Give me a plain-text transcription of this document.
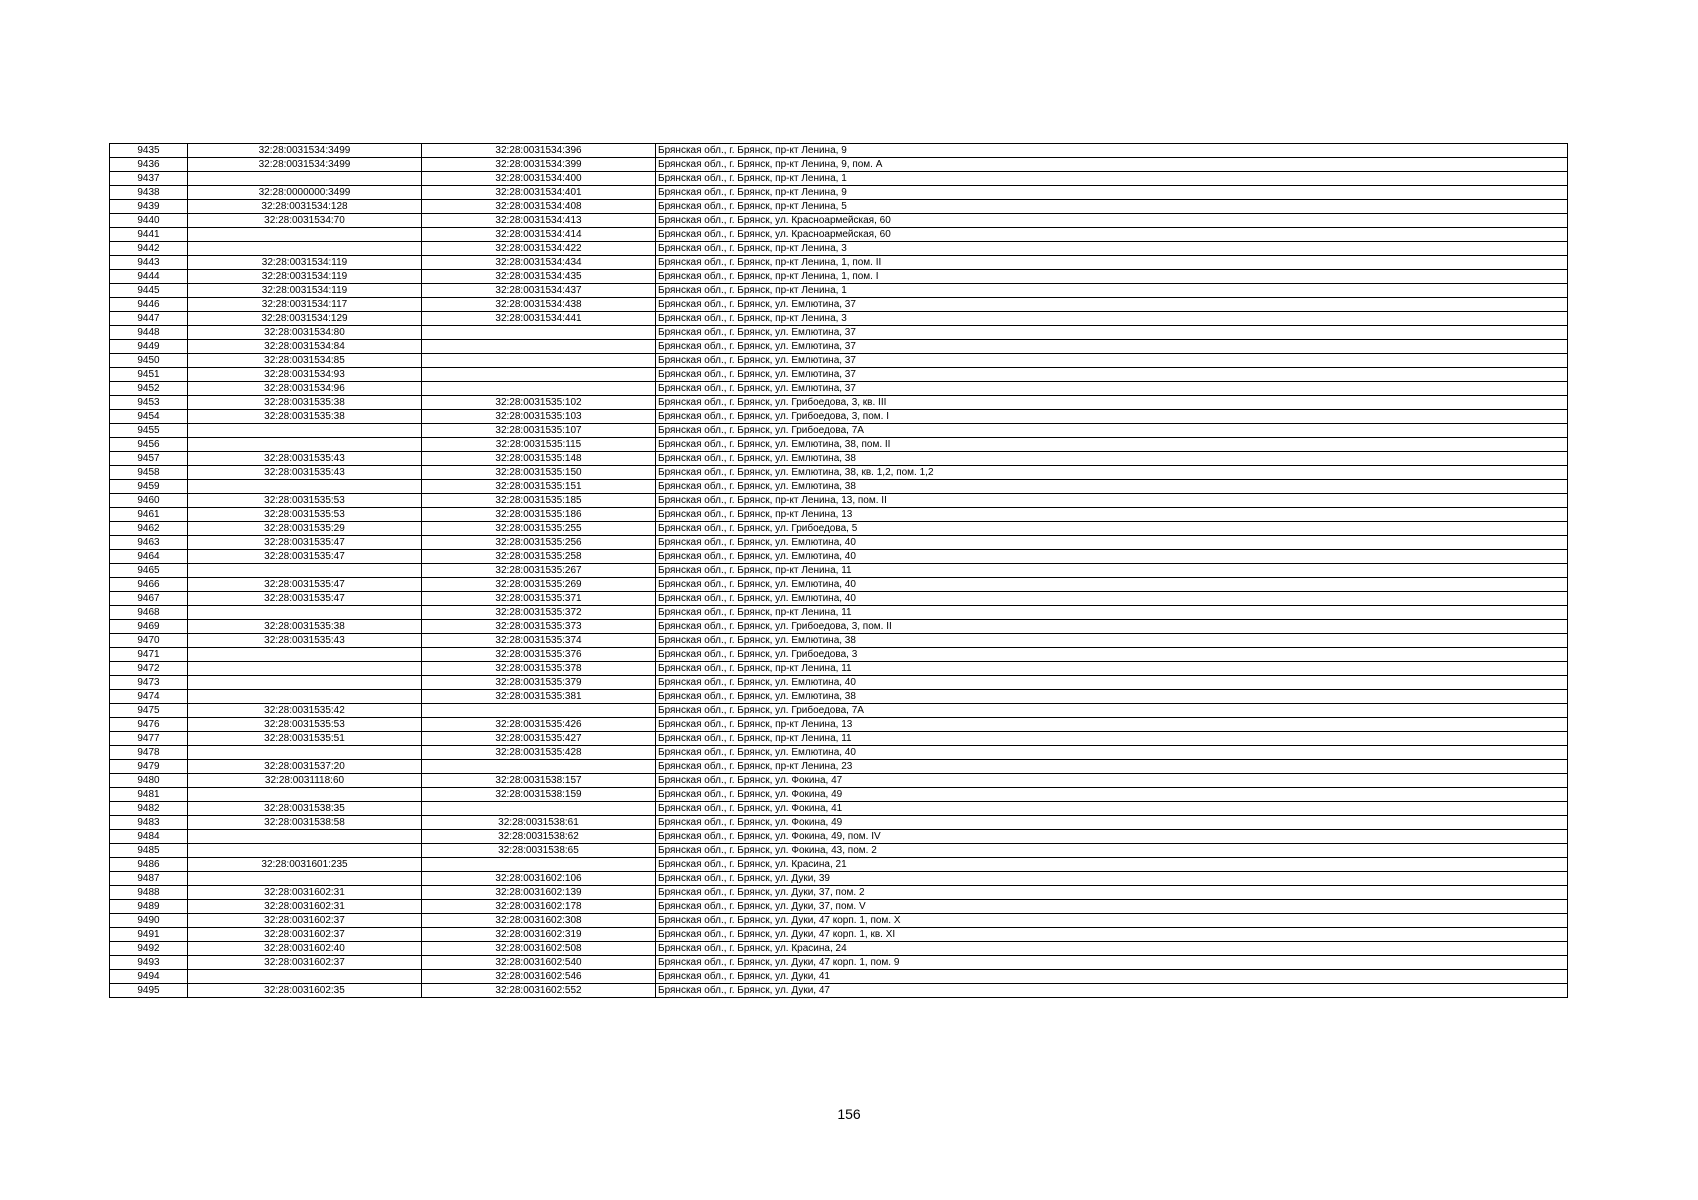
9435	32:28:0031534:3499	32:28:0031534:396	Брянская обл., г. Брянск, пр-кт Ленина, 9
9436	32:28:0031534:3499	32:28:0031534:399	Брянская обл., г. Брянск, пр-кт Ленина, 9, пом. А
9437		32:28:0031534:400	Брянская обл., г. Брянск, пр-кт Ленина, 1
9438	32:28:0000000:3499	32:28:0031534:401	Брянская обл., г. Брянск, пр-кт Ленина, 9
9439	32:28:0031534:128	32:28:0031534:408	Брянская обл., г. Брянск, пр-кт Ленина, 5
9440	32:28:0031534:70	32:28:0031534:413	Брянская обл., г. Брянск, ул. Красноармейская, 60
9441		32:28:0031534:414	Брянская обл., г. Брянск, ул. Красноармейская, 60
9442		32:28:0031534:422	Брянская обл., г. Брянск, пр-кт Ленина, 3
9443	32:28:0031534:119	32:28:0031534:434	Брянская обл., г. Брянск, пр-кт Ленина, 1, пом. II
9444	32:28:0031534:119	32:28:0031534:435	Брянская обл., г. Брянск, пр-кт Ленина, 1, пом. I
9445	32:28:0031534:119	32:28:0031534:437	Брянская обл., г. Брянск, пр-кт Ленина, 1
9446	32:28:0031534:117	32:28:0031534:438	Брянская обл., г. Брянск, ул. Емлютина, 37
9447	32:28:0031534:129	32:28:0031534:441	Брянская обл., г. Брянск, пр-кт Ленина, 3
9448	32:28:0031534:80		Брянская обл., г. Брянск, ул. Емлютина, 37
9449	32:28:0031534:84		Брянская обл., г. Брянск, ул. Емлютина, 37
9450	32:28:0031534:85		Брянская обл., г. Брянск, ул. Емлютина, 37
9451	32:28:0031534:93		Брянская обл., г. Брянск, ул. Емлютина, 37
9452	32:28:0031534:96		Брянская обл., г. Брянск, ул. Емлютина, 37
9453	32:28:0031535:38	32:28:0031535:102	Брянская обл., г. Брянск, ул. Грибоедова, 3, кв. III
9454	32:28:0031535:38	32:28:0031535:103	Брянская обл., г. Брянск, ул. Грибоедова, 3, пом. I
9455		32:28:0031535:107	Брянская обл., г. Брянск, ул. Грибоедова, 7А
9456		32:28:0031535:115	Брянская обл., г. Брянск, ул. Емлютина, 38, пом. II
9457	32:28:0031535:43	32:28:0031535:148	Брянская обл., г. Брянск, ул. Емлютина, 38
9458	32:28:0031535:43	32:28:0031535:150	Брянская обл., г. Брянск, ул. Емлютина, 38, кв. 1,2, пом. 1,2
9459		32:28:0031535:151	Брянская обл., г. Брянск, ул. Емлютина, 38
9460	32:28:0031535:53	32:28:0031535:185	Брянская обл., г. Брянск, пр-кт Ленина, 13, пом. II
9461	32:28:0031535:53	32:28:0031535:186	Брянская обл., г. Брянск, пр-кт Ленина, 13
9462	32:28:0031535:29	32:28:0031535:255	Брянская обл., г. Брянск, ул. Грибоедова, 5
9463	32:28:0031535:47	32:28:0031535:256	Брянская обл., г. Брянск, ул. Емлютина, 40
9464	32:28:0031535:47	32:28:0031535:258	Брянская обл., г. Брянск, ул. Емлютина, 40
9465		32:28:0031535:267	Брянская обл., г. Брянск, пр-кт Ленина, 11
9466	32:28:0031535:47	32:28:0031535:269	Брянская обл., г. Брянск, ул. Емлютина, 40
9467	32:28:0031535:47	32:28:0031535:371	Брянская обл., г. Брянск, ул. Емлютина, 40
9468		32:28:0031535:372	Брянская обл., г. Брянск, пр-кт Ленина, 11
9469	32:28:0031535:38	32:28:0031535:373	Брянская обл., г. Брянск, ул. Грибоедова, 3, пом. II
9470	32:28:0031535:43	32:28:0031535:374	Брянская обл., г. Брянск, ул. Емлютина, 38
9471		32:28:0031535:376	Брянская обл., г. Брянск, ул. Грибоедова, 3
9472		32:28:0031535:378	Брянская обл., г. Брянск, пр-кт Ленина, 11
9473		32:28:0031535:379	Брянская обл., г. Брянск, ул. Емлютина, 40
9474		32:28:0031535:381	Брянская обл., г. Брянск, ул. Емлютина, 38
9475	32:28:0031535:42		Брянская обл., г. Брянск, ул. Грибоедова, 7А
9476	32:28:0031535:53	32:28:0031535:426	Брянская обл., г. Брянск, пр-кт Ленина, 13
9477	32:28:0031535:51	32:28:0031535:427	Брянская обл., г. Брянск, пр-кт Ленина, 11
9478		32:28:0031535:428	Брянская обл., г. Брянск, ул. Емлютина, 40
9479	32:28:0031537:20		Брянская обл., г. Брянск, пр-кт Ленина, 23
9480	32:28:0031118:60	32:28:0031538:157	Брянская обл., г. Брянск, ул. Фокина, 47
9481		32:28:0031538:159	Брянская обл., г. Брянск, ул. Фокина, 49
9482	32:28:0031538:35		Брянская обл., г. Брянск, ул. Фокина, 41
9483	32:28:0031538:58	32:28:0031538:61	Брянская обл., г. Брянск, ул. Фокина, 49
9484		32:28:0031538:62	Брянская обл., г. Брянск, ул. Фокина, 49, пом. IV
9485		32:28:0031538:65	Брянская обл., г. Брянск, ул. Фокина, 43, пом. 2
9486	32:28:0031601:235		Брянская обл., г. Брянск, ул. Красина, 21
9487		32:28:0031602:106	Брянская обл., г. Брянск, ул. Дуки, 39
9488	32:28:0031602:31	32:28:0031602:139	Брянская обл., г. Брянск, ул. Дуки, 37, пом. 2
9489	32:28:0031602:31	32:28:0031602:178	Брянская обл., г. Брянск, ул. Дуки, 37, пом. V
9490	32:28:0031602:37	32:28:0031602:308	Брянская обл., г. Брянск, ул. Дуки, 47 корп. 1, пом. X
9491	32:28:0031602:37	32:28:0031602:319	Брянская обл., г. Брянск, ул. Дуки, 47 корп. 1, кв. XI
9492	32:28:0031602:40	32:28:0031602:508	Брянская обл., г. Брянск, ул. Красина, 24
9493	32:28:0031602:37	32:28:0031602:540	Брянская обл., г. Брянск, ул. Дуки, 47 корп. 1, пом. 9
9494		32:28:0031602:546	Брянская обл., г. Брянск, ул. Дуки, 41
9495	32:28:0031602:35	32:28:0031602:552	Брянская обл., г. Брянск, ул. Дуки, 47
156
